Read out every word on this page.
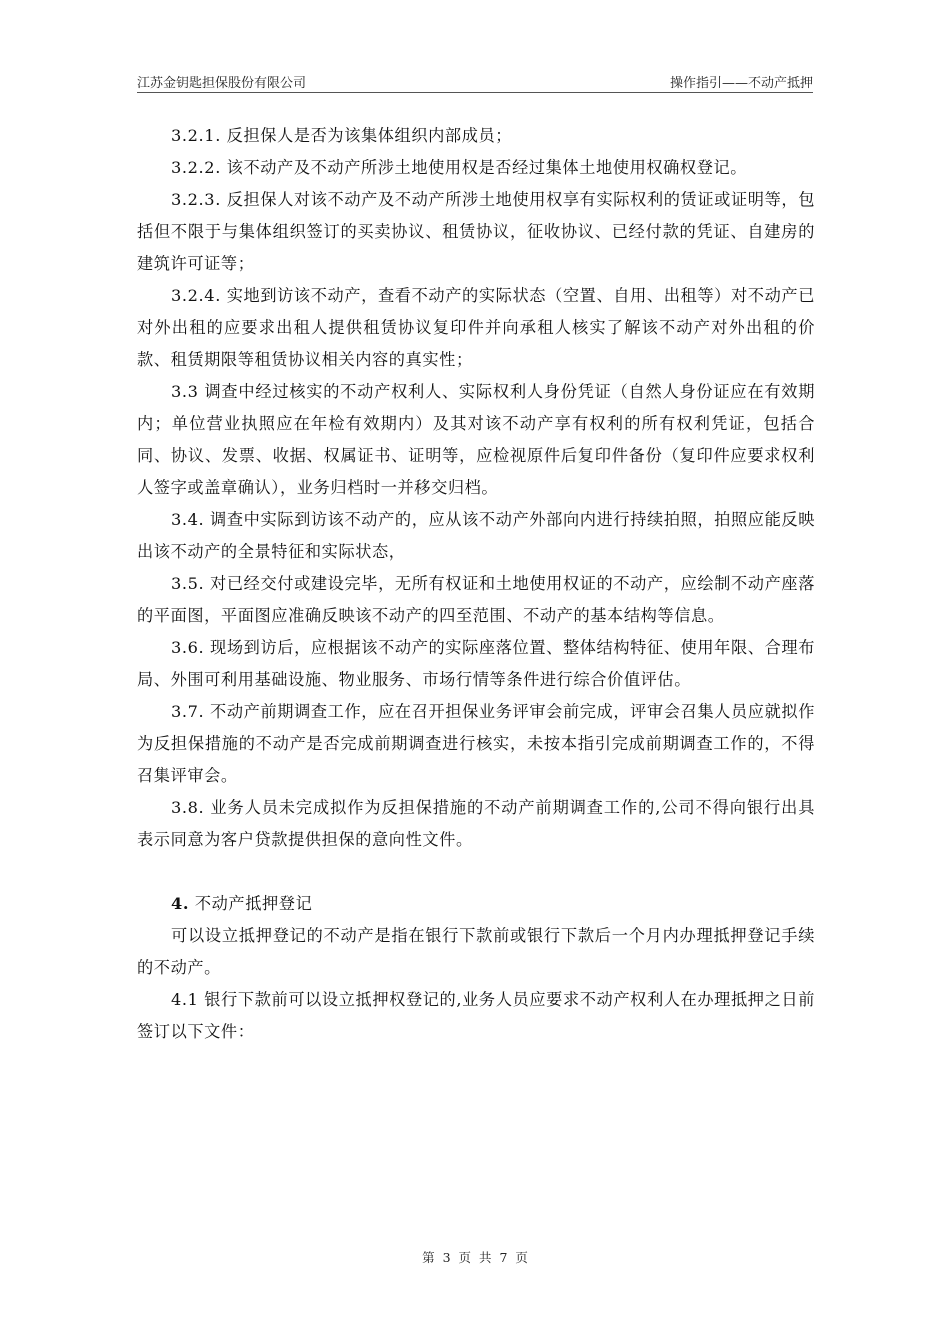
江苏金钥匙担保股份有限公司	操作指引——不动产抵押

3.2.1. 反担保人是否为该集体组织内部成员；

3.2.2. 该不动产及不动产所涉土地使用权是否经过集体土地使用权确权登记。

3.2.3. 反担保人对该不动产及不动产所涉土地使用权享有实际权利的赁证或证明等，包括但不限于与集体组织签订的买卖协议、租赁协议，征收协议、已经付款的凭证、自建房的建筑许可证等；

3.2.4. 实地到访该不动产，查看不动产的实际状态（空置、自用、出租等）对不动产已对外出租的应要求出租人提供租赁协议复印件并向承租人核实了解该不动产对外出租的价款、租赁期限等租赁协议相关内容的真实性；

3.3 调查中经过核实的不动产权利人、实际权利人身份凭证（自然人身份证应在有效期内；单位营业执照应在年检有效期内）及其对该不动产享有权利的所有权利凭证，包括合同、协议、发票、收据、权属证书、证明等，应检视原件后复印件备份（复印件应要求权利人签字或盖章确认），业务归档时一并移交归档。

3.4. 调查中实际到访该不动产的，应从该不动产外部向内进行持续拍照，拍照应能反映出该不动产的全景特征和实际状态，

3.5. 对已经交付或建设完毕，无所有权证和土地使用权证的不动产，应绘制不动产座落的平面图，平面图应准确反映该不动产的四至范围、不动产的基本结构等信息。

3.6. 现场到访后，应根据该不动产的实际座落位置、整体结构特征、使用年限、合理布局、外围可利用基础设施、物业服务、市场行情等条件进行综合价值评估。

3.7. 不动产前期调查工作，应在召开担保业务评审会前完成，评审会召集人员应就拟作为反担保措施的不动产是否完成前期调查进行核实，未按本指引完成前期调查工作的，不得召集评审会。

3.8. 业务人员未完成拟作为反担保措施的不动产前期调查工作的,公司不得向银行出具表示同意为客户贷款提供担保的意向性文件。

4. 不动产抵押登记

可以设立抵押登记的不动产是指在银行下款前或银行下款后一个月内办理抵押登记手续的不动产。

4.1 银行下款前可以设立抵押权登记的,业务人员应要求不动产权利人在办理抵押之日前签订以下文件：

第 3 页 共 7 页
